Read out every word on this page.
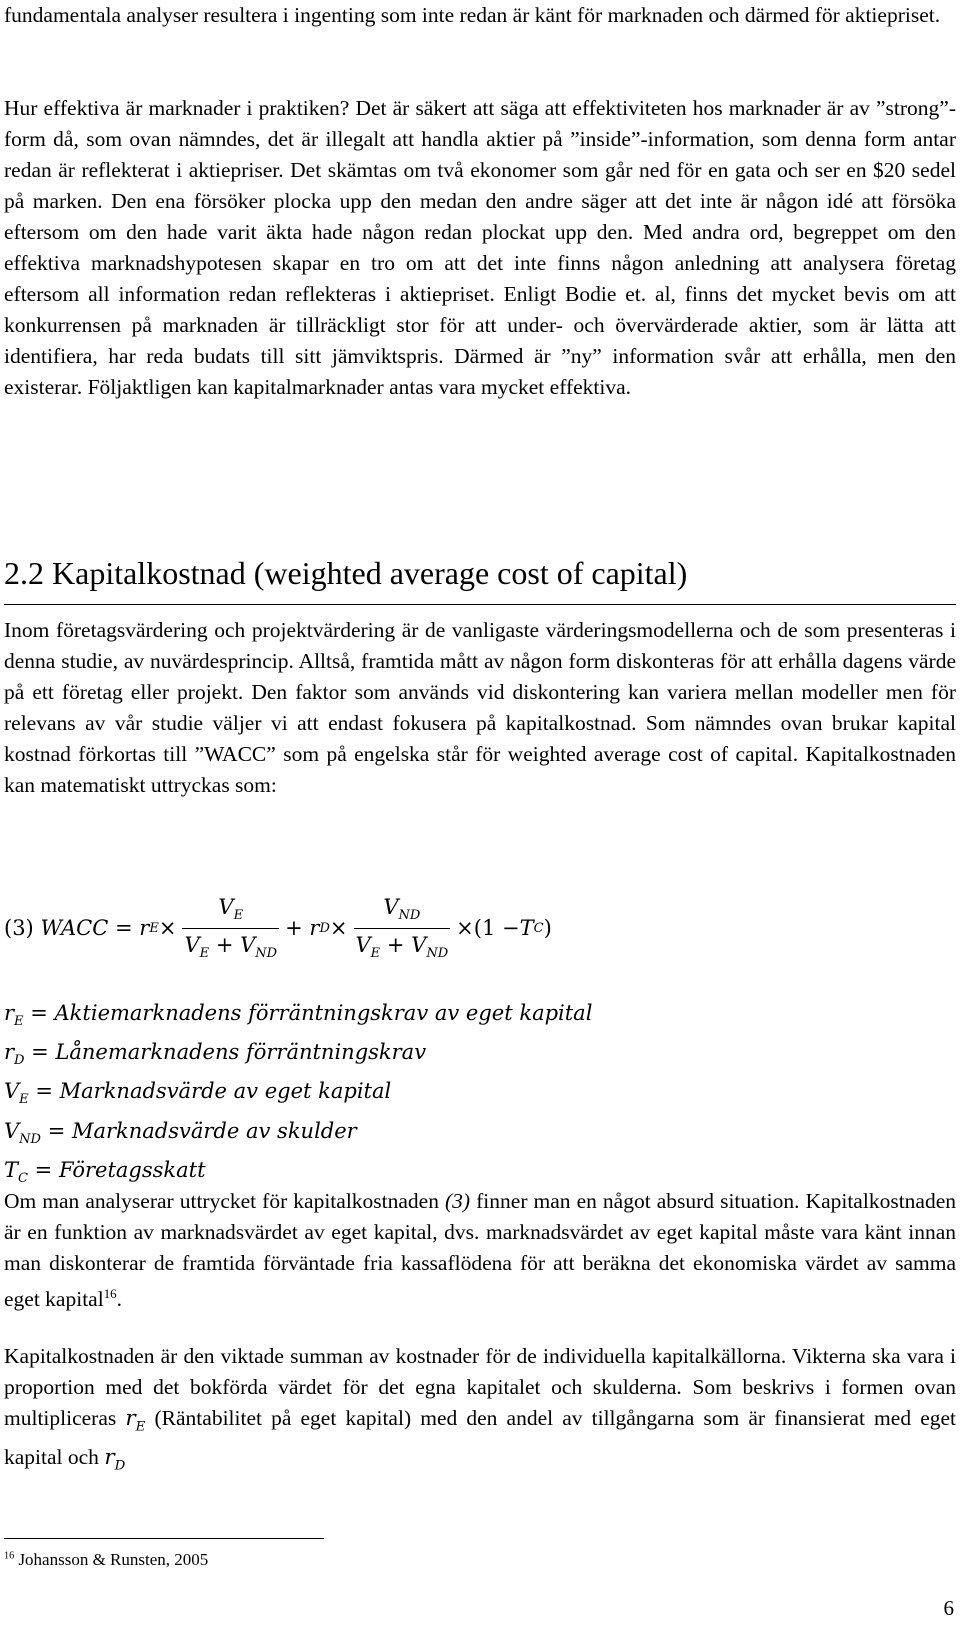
fundamentala analyser resultera i ingenting som inte redan är känt för marknaden och därmed för aktiepriset.

Hur effektiva är marknader i praktiken? Det är säkert att säga att effektiviteten hos marknader är av ”strong”-form då, som ovan nämndes, det är illegalt att handla aktier på ”inside”-information, som denna form antar redan är reflekterat i aktiepriser. Det skämtas om två ekonomer som går ned för en gata och ser en $20 sedel på marken. Den ena försöker plocka upp den medan den andre säger att det inte är någon idé att försöka eftersom om den hade varit äkta hade någon redan plockat upp den. Med andra ord, begreppet om den effektiva marknadshypotesen skapar en tro om att det inte finns någon anledning att analysera företag eftersom all information redan reflekteras i aktiepriset. Enligt Bodie et. al, finns det mycket bevis om att konkurrensen på marknaden är tillräckligt stor för att under- och övervärderade aktier, som är lätta att identifiera, har reda budats till sitt jämviktspris. Därmed är ”ny” information svår att erhålla, men den existerar. Följaktligen kan kapitalmarknader antas vara mycket effektiva.

2.2 Kapitalkostnad (weighted average cost of capital)

Inom företagsvärdering och projektvärdering är de vanligaste värderingsmodellerna och de som presenteras i denna studie, av nuvärdesprincip. Alltså, framtida mått av någon form diskonteras för att erhålla dagens värde på ett företag eller projekt. Den faktor som används vid diskontering kan variera mellan modeller men för relevans av vår studie väljer vi att endast fokusera på kapitalkostnad. Som nämndes ovan brukar kapital kostnad förkortas till ”WACC” som på engelska står för weighted average cost of capital. Kapitalkostnaden kan matematiskt uttryckas som:

(3)
WACC
=
r $E \times \frac{V_E}{V_E + V_{ND}}$ +
r $D \times \frac{V_{ND}}{V_E + V_{ND}} \times (1 - T$ C )
$r_E$ = Aktiemarknadens förräntningskrav av eget kapital
$r_D$ = Lånemarknadens förräntningskrav
$V_E$ = Marknadsvärde av eget kapital
$V_{ND}$ = Marknadsvärde av skulder
$T_C$ = Företagsskatt

Om man analyserar uttrycket för kapitalkostnaden (3) finner man en något absurd situation. Kapitalkostnaden är en funktion av marknadsvärdet av eget kapital, dvs. marknadsvärdet av eget kapital måste vara känt innan man diskonterar de framtida förväntade fria kassaflödena för att beräkna det ekonomiska värdet av samma eget kapital$^{16}$.

Kapitalkostnaden är den viktade summan av kostnader för de individuella kapitalkällorna. Vikterna ska vara i proportion med det bokförda värdet för det egna kapitalet och skulderna. Som beskrivs i formen ovan multipliceras $r_E$ (Räntabilitet på eget kapital) med den andel av tillgångarna som är finansierat med eget kapital och $r_D$

$^{16}$ Johansson & Runsten, 2005

6
